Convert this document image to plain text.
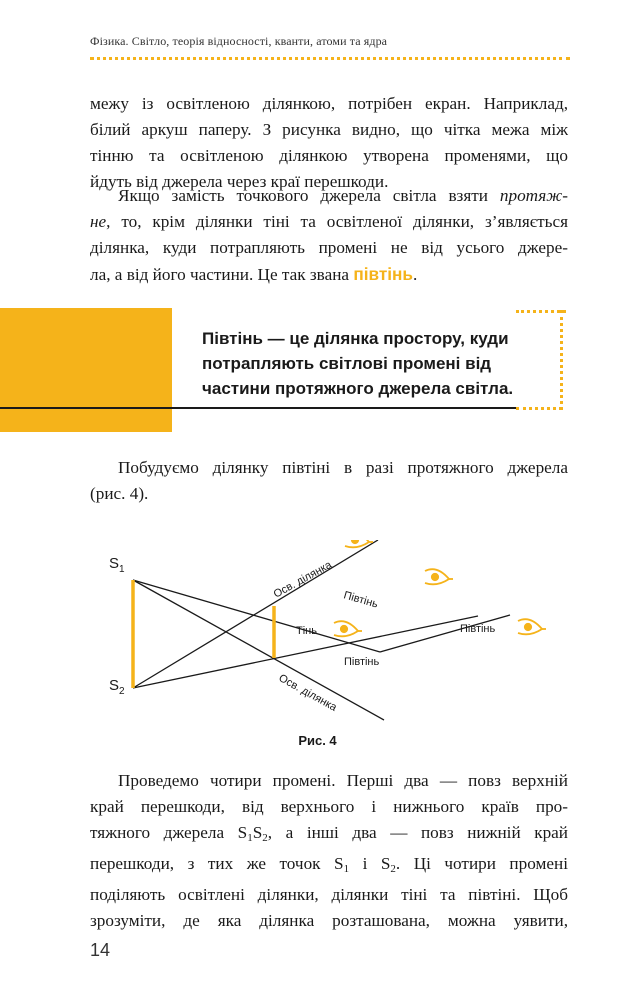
Фізика. Світло, теорія відносності, кванти, атоми та ядра

межу із освітленою ділянкою, потрібен екран. Наприклад,
білий аркуш паперу. З рисунка видно, що чітка межа між
тінню та освітленою ділянкою утворена променями, що
йдуть від джерела через краї перешкоди.

Якщо замість точкового джерела світла взяти протяж-
не, то, крім ділянки тіні та освітленої ділянки, з’являється
ділянка, куди потрапляють промені не від усього джере-
ла, а від його частини. Це так звана півтінь.

Півтінь — це ділянка простору, куди
потрапляють світлові промені від
частини протяжного джерела світла.

Побудуємо ділянку півтіні в разі протяжного джерела
(рис. 4).

$S_1$
$S_2$
Осв. ділянка
Осв. ділянка
Півтінь
Півтінь
Півтінь
Тінь
Рис. 4

Проведемо чотири промені. Перші два — повз верхній
край перешкоди, від верхнього і нижнього країв про-
тяжного джерела $S_1S_2$, а інші два — повз нижній край
перешкоди, з тих же точок $S_1$ і $S_2$. Ці чотири промені
поділяють освітлені ділянки, ділянки тіні та півтіні. Щоб
зрозуміти, де яка ділянка розташована, можна уявити,

14
